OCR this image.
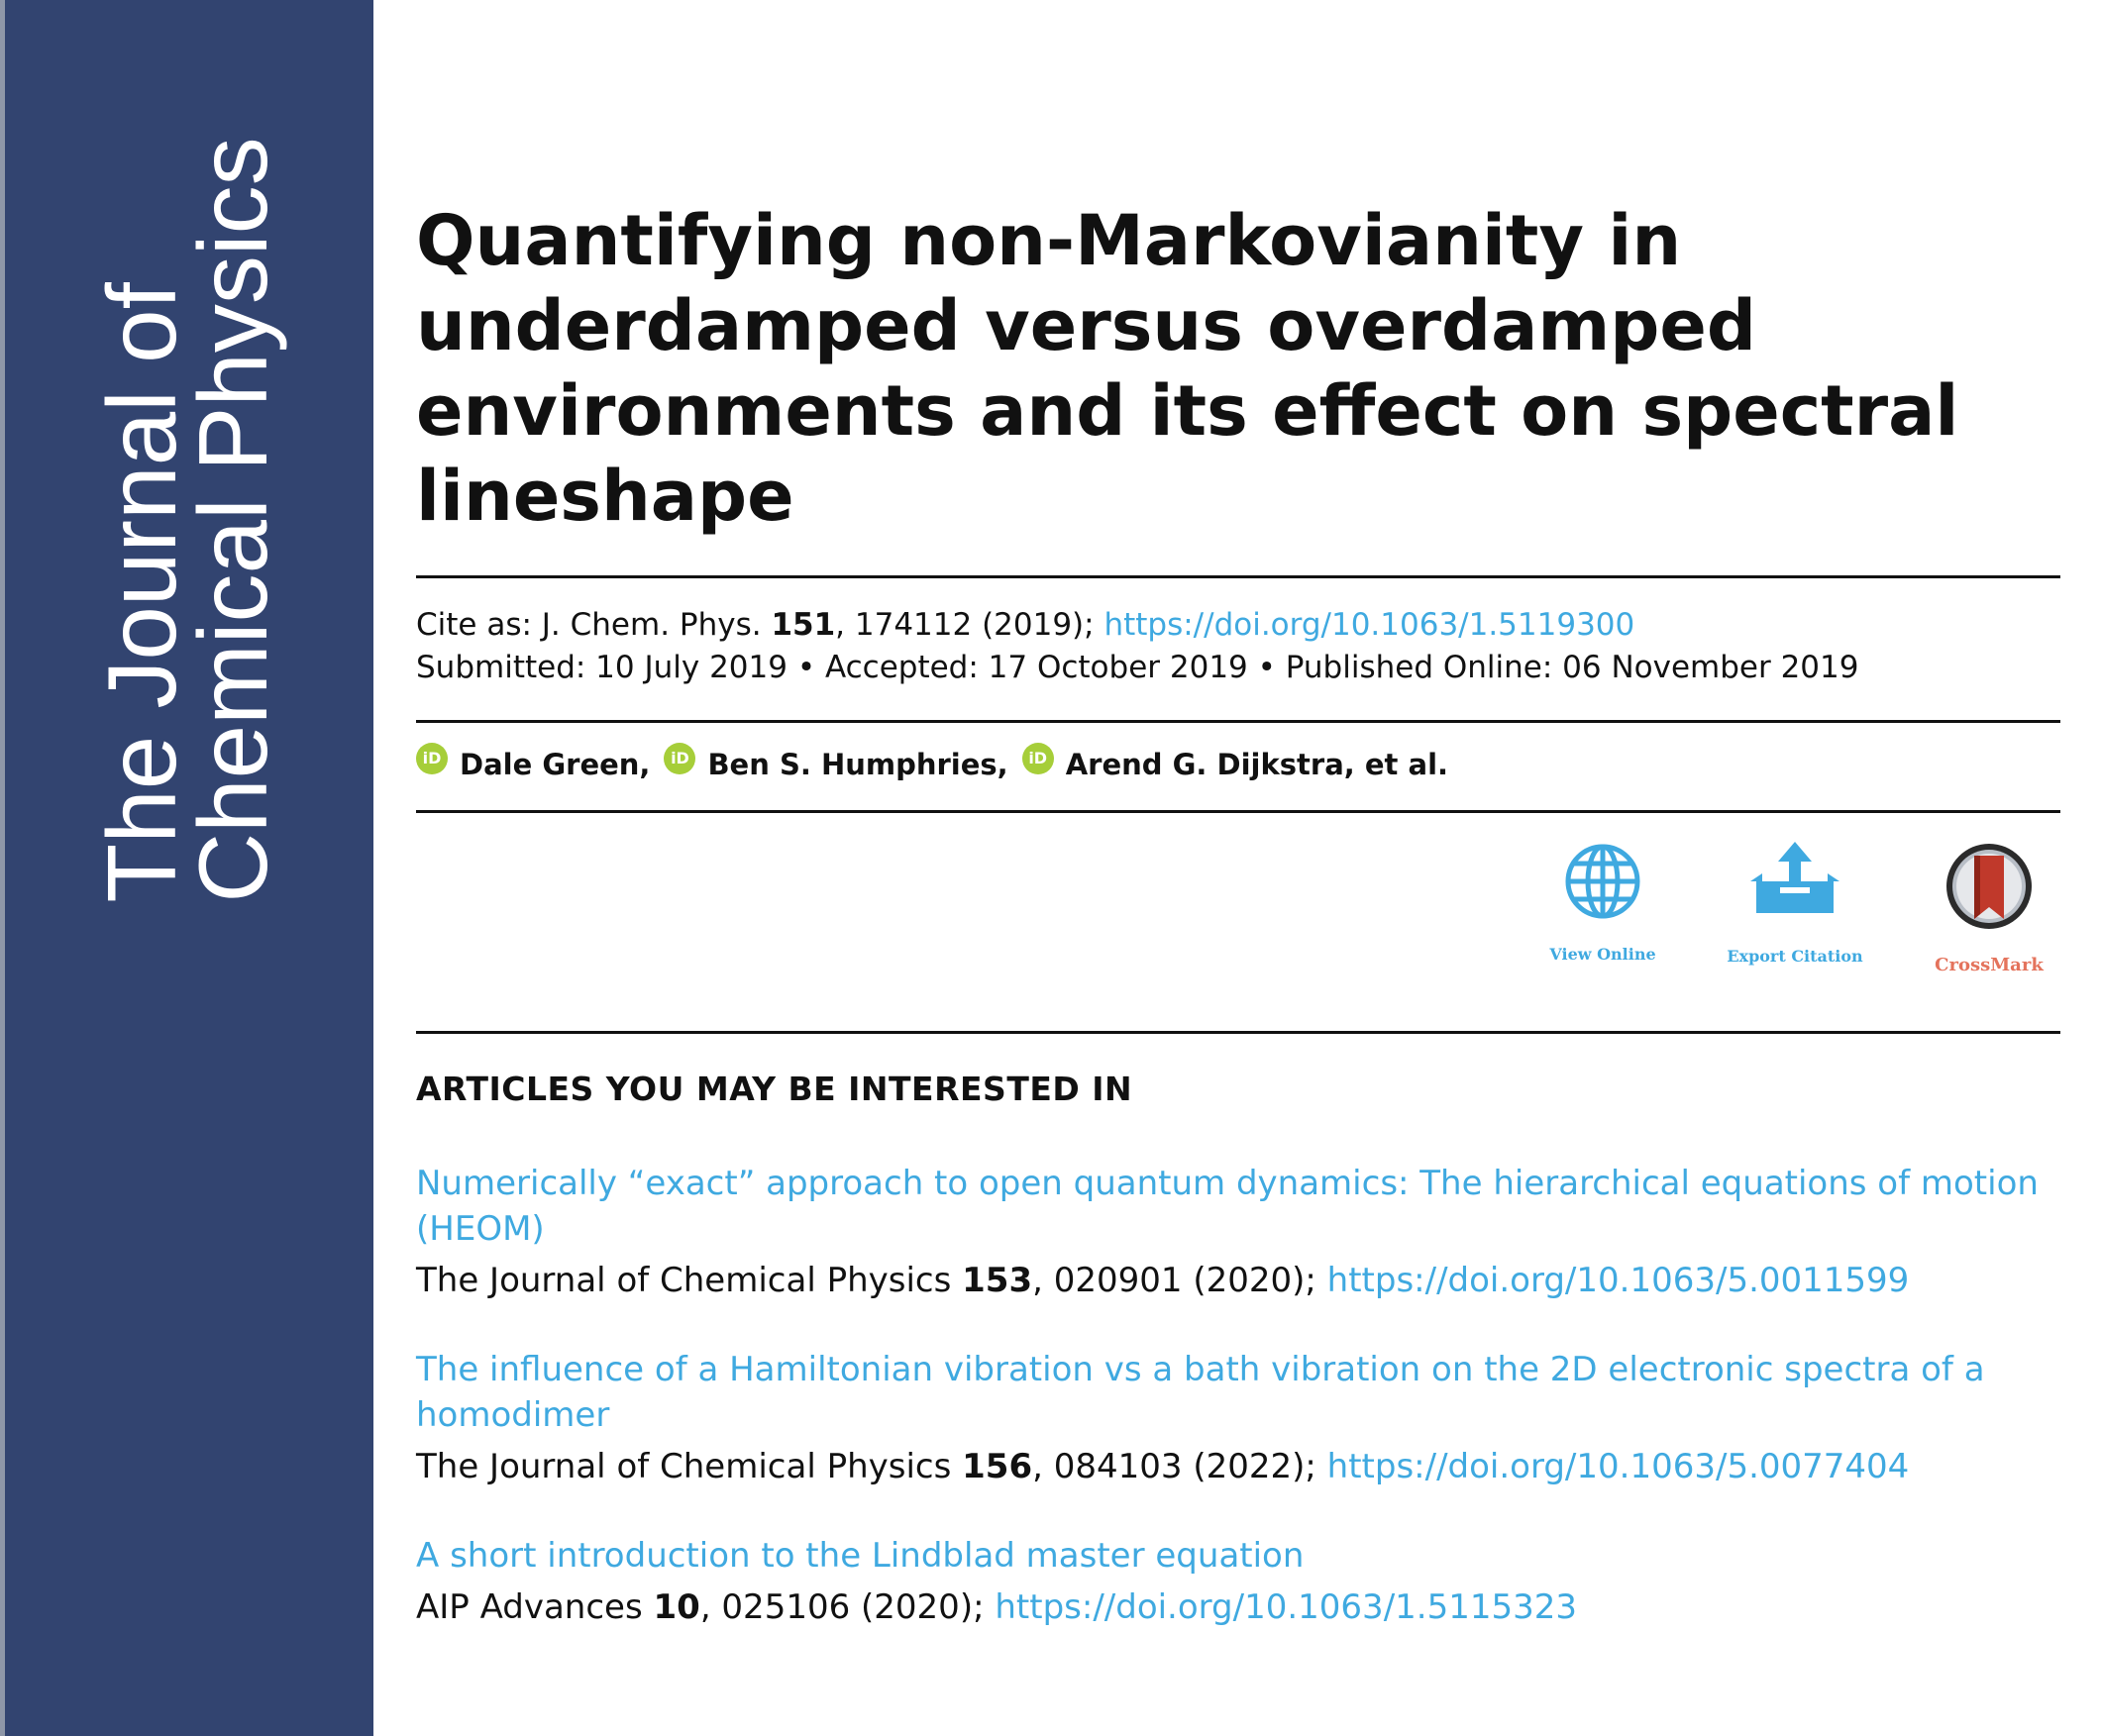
The Journal of
Chemical Physics Quantifying non-Markovianity in underdamped versus overdamped environments and its effect on spectral lineshape
Cite as: J. Chem. Phys. 151, 174112 (2019); https://doi.org/10.1063/1.5119300
Submitted: 10 July 2019 • Accepted: 17 October 2019 • Published Online: 06 November 2019
iD Dale Green,	iD Ben S. Humphries,	iD Arend G. Dijkstra, et al.
View Online	Export Citation	CrossMark
ARTICLES YOU MAY BE INTERESTED IN
Numerically “exact” approach to open quantum dynamics: The hierarchical equations of motion (HEOM)
The Journal of Chemical Physics 153, 020901 (2020); https://doi.org/10.1063/5.0011599
The influence of a Hamiltonian vibration vs a bath vibration on the 2D electronic spectra of a homodimer
The Journal of Chemical Physics 156, 084103 (2022); https://doi.org/10.1063/5.0077404
A short introduction to the Lindblad master equation
AIP Advances 10, 025106 (2020); https://doi.org/10.1063/1.5115323
